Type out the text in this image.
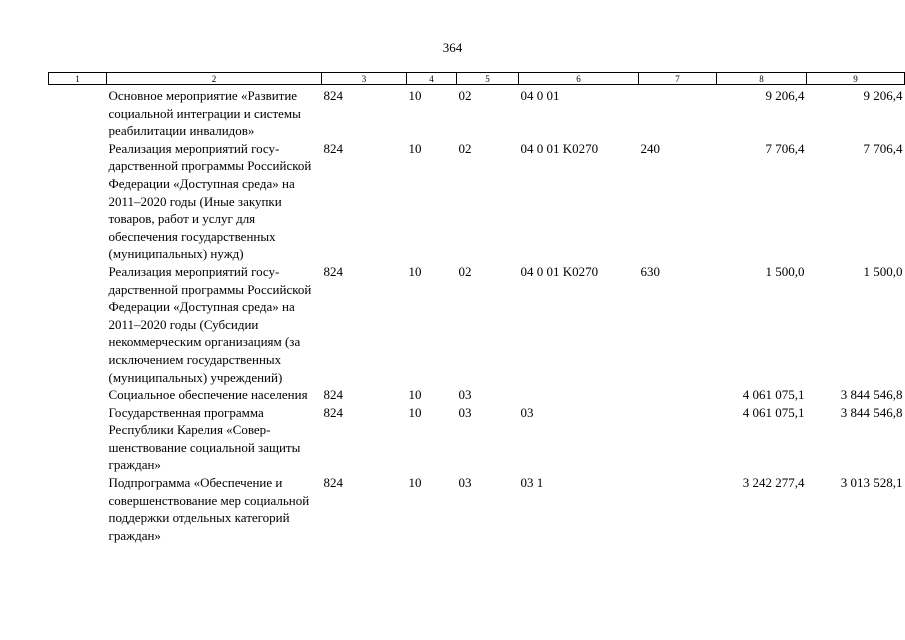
364
1	2	3	4	5	6	7	8	9
	Основное мероприятие «Развитие социальной интеграции и системы реабилитации инвалидов»	824	10	02	04 0 01		9 206,4	9 206,4
	Реализация мероприятий государственной программы Российской Федерации «Доступная среда» на 2011–2020 годы (Иные закупки товаров, работ и услуг для обеспечения государственных (муниципальных) нужд)	824	10	02	04 0 01 K0270	240	7 706,4	7 706,4
	Реализация мероприятий государственной программы Российской Федерации «Доступная среда» на 2011–2020 годы (Субсидии некоммерческим организациям (за исключением государственных (муниципальных) учреждений)	824	10	02	04 0 01 K0270	630	1 500,0	1 500,0
	Социальное обеспечение населения	824	10	03			4 061 075,1	3 844 546,8
	Государственная программа Республики Карелия «Совершенствование социальной защиты граждан»	824	10	03	03		4 061 075,1	3 844 546,8
	Подпрограмма «Обеспечение и совершенствование мер социальной поддержки отдельных категорий граждан»	824	10	03	03 1		3 242 277,4	3 013 528,1
